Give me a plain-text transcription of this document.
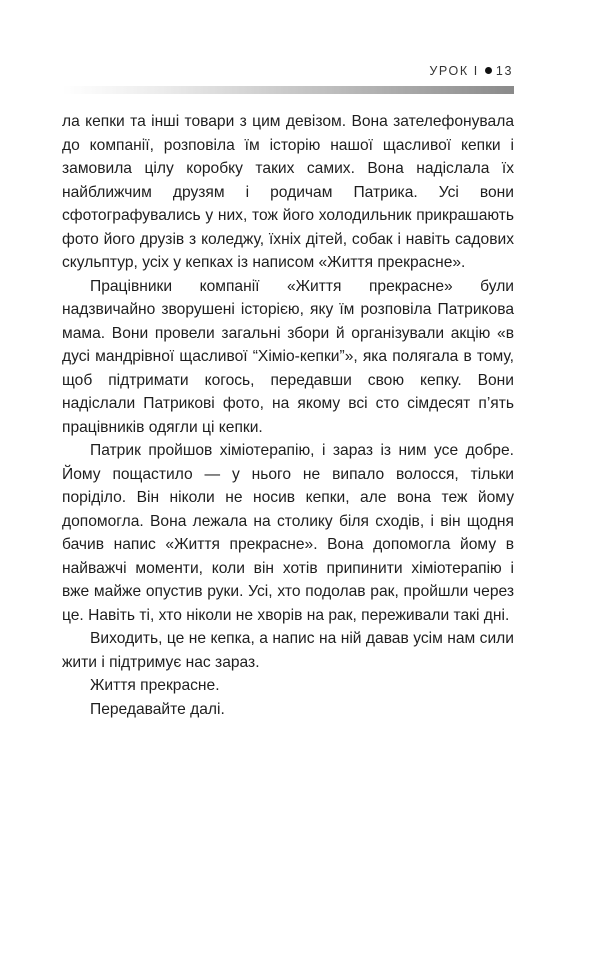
УРОК І 13

ла кепки та інші товари з цим девізом. Вона зателефонувала до компанії, розповіла їм історію нашої щасливої кепки і замовила цілу коробку таких самих. Вона надіслала їх найближчим друзям і родичам Патрика. Усі вони сфотографувались у них, тож його холодильник прикрашають фото його друзів з коледжу, їхніх дітей, собак і навіть садових скульптур, усіх у кепках із написом «Життя прекрасне».

Працівники компанії «Життя прекрасне» були надзвичайно зворушені історією, яку їм розповіла Патрикова мама. Вони провели загальні збори й організували акцію «в дусі мандрівної щасливої “Хіміо-кепки”», яка полягала в тому, щоб підтримати когось, передавши свою кепку. Вони надіслали Патрикові фото, на якому всі сто сімдесят п’ять працівників одягли ці кепки.

Патрик пройшов хіміотерапію, і зараз із ним усе добре. Йому пощастило — у нього не випало волосся, тільки поріділо. Він ніколи не носив кепки, але вона теж йому допомогла. Вона лежала на столику біля сходів, і він щодня бачив напис «Життя прекрасне». Вона допомогла йому в найважчі моменти, коли він хотів припинити хіміотерапію і вже майже опустив руки. Усі, хто подолав рак, пройшли через це. Навіть ті, хто ніколи не хворів на рак, переживали такі дні.

Виходить, це не кепка, а напис на ній давав усім нам сили жити і підтримує нас зараз.

Життя прекрасне.

Передавайте далі.
